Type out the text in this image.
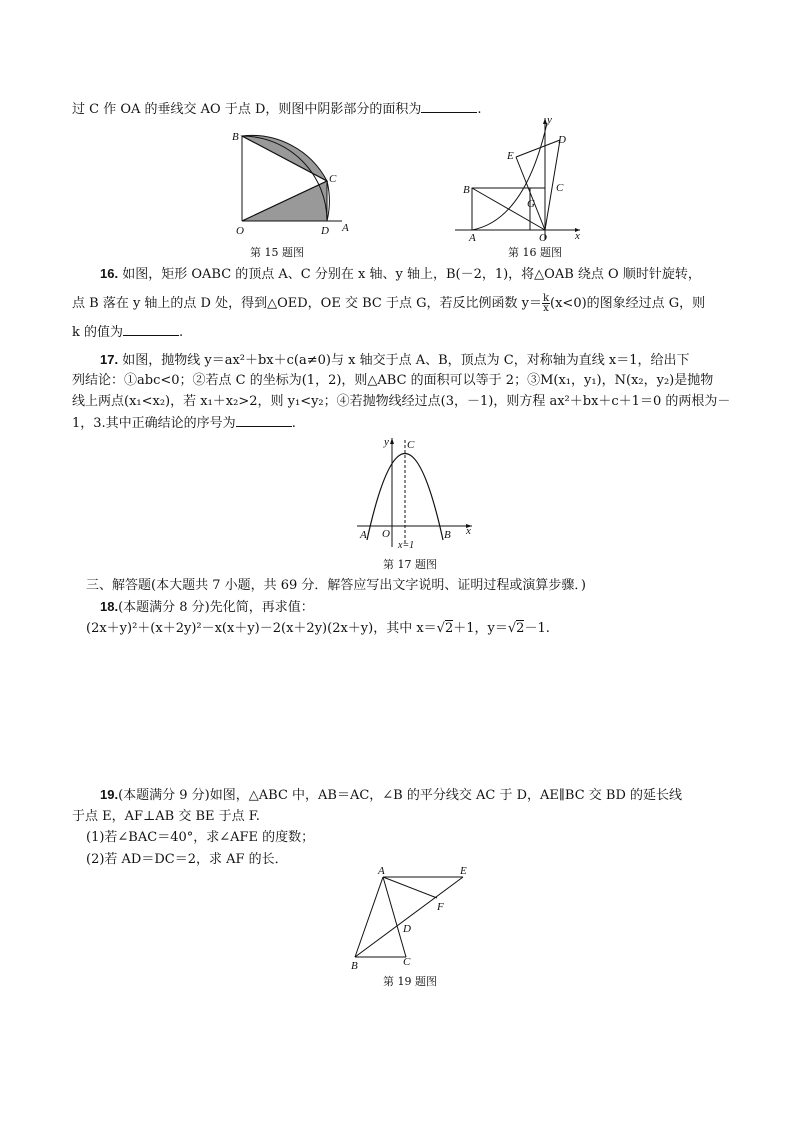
过 C 作 OA 的垂线交 AO 于点 D，则图中阴影部分的面积为	.
B
C
O	D A
第 15 题图
y
D
E
B	C
G
A	O	x
第 16 题图
16. 如图，矩形 OABC 的顶点 A、C 分别在 x 轴、y 轴上，B(－2，1)，将△OAB 绕点 O 顺时针旋转，
点 B 落在 y 轴上的点 D 处，得到△OED，OE 交 BC 于点 G，若反比例函数 $y= \frac{k}{x} (x<0)$的图象经过点 G，则
k 的值为	.
17. 如图，抛物线 y＝ax²＋bx＋c(a≠0)与 x 轴交于点 A、B，顶点为 C，对称轴为直线 x＝1，给出下
列结论：①abc<0；②若点 C 的坐标为(1，2)，则△ABC 的面积可以等于 2；③M(x₁，y₁)，N(x₂，y₂)是抛物
线上两点(x₁<x₂)，若 x₁＋x₂>2，则 y₁<y₂；④若抛物线经过点(3，－1)，则方程 ax²＋bx＋c＋1＝0 的两根为－
1，3.其中正确结论的序号为	.
y C
A O	B x
x=1
第 17 题图
三、解答题(本大题共 7 小题，共 69 分．解答应写出文字说明、证明过程或演算步骤．)
18.(本题满分 8 分)先化简，再求值：
(2x＋y)²＋(x＋2y)²－x(x＋y)－2(x＋2y)(2x＋y)，其中 x＝√2＋1，y＝√2－1.
19.(本题满分 9 分)如图，△ABC 中，AB＝AC，∠B 的平分线交 AC 于 D，AE∥BC 交 BD 的延长线
于点 E，AF⊥AB 交 BE 于点 F.
(1)若∠BAC＝40°，求∠AFE 的度数；
(2)若 AD＝DC＝2，求 AF 的长．
A	E
F
D
B	C
第 19 题图
